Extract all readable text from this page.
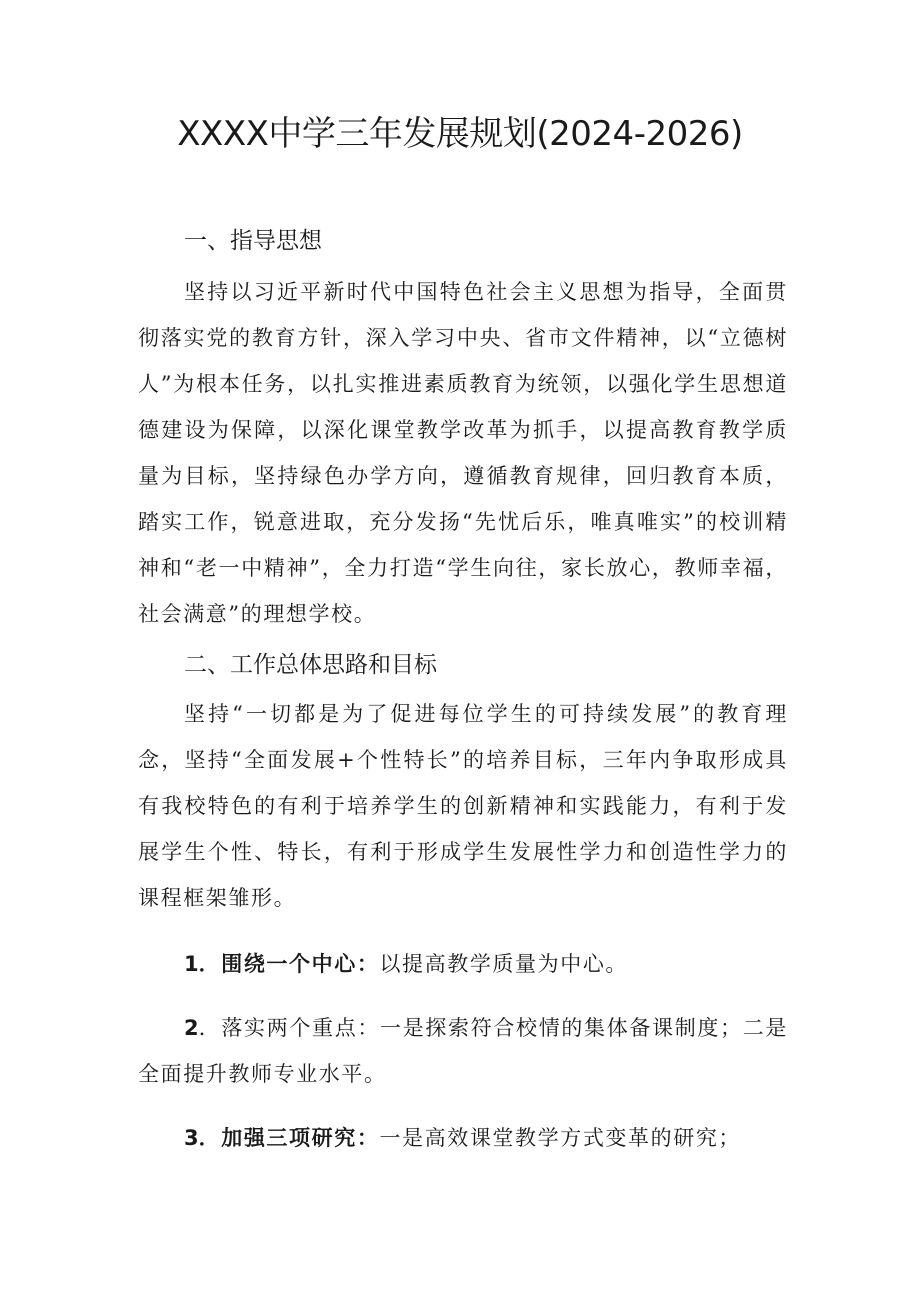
XXXX中学三年发展规划(2024-2026)
一、指导思想

坚持以习近平新时代中国特色社会主义思想为指导，全面贯彻落实党的教育方针，深入学习中央、省市文件精神，以“立德树人”为根本任务，以扎实推进素质教育为统领，以强化学生思想道德建设为保障，以深化课堂教学改革为抓手，以提高教育教学质量为目标，坚持绿色办学方向，遵循教育规律，回归教育本质，踏实工作，锐意进取，充分发扬“先忧后乐，唯真唯实”的校训精神和“老一中精神”，全力打造“学生向往，家长放心，教师幸福，社会满意”的理想学校。

二、工作总体思路和目标

坚持“一切都是为了促进每位学生的可持续发展”的教育理念，坚持“全面发展+个性特长”的培养目标，三年内争取形成具有我校特色的有利于培养学生的创新精神和实践能力，有利于发展学生个性、特长，有利于形成学生发展性学力和创造性学力的课程框架雏形。

1．围绕一个中心：以提高教学质量为中心。

2．落实两个重点：一是探索符合校情的集体备课制度；二是全面提升教师专业水平。

3．加强三项研究：一是高效课堂教学方式变革的研究；
